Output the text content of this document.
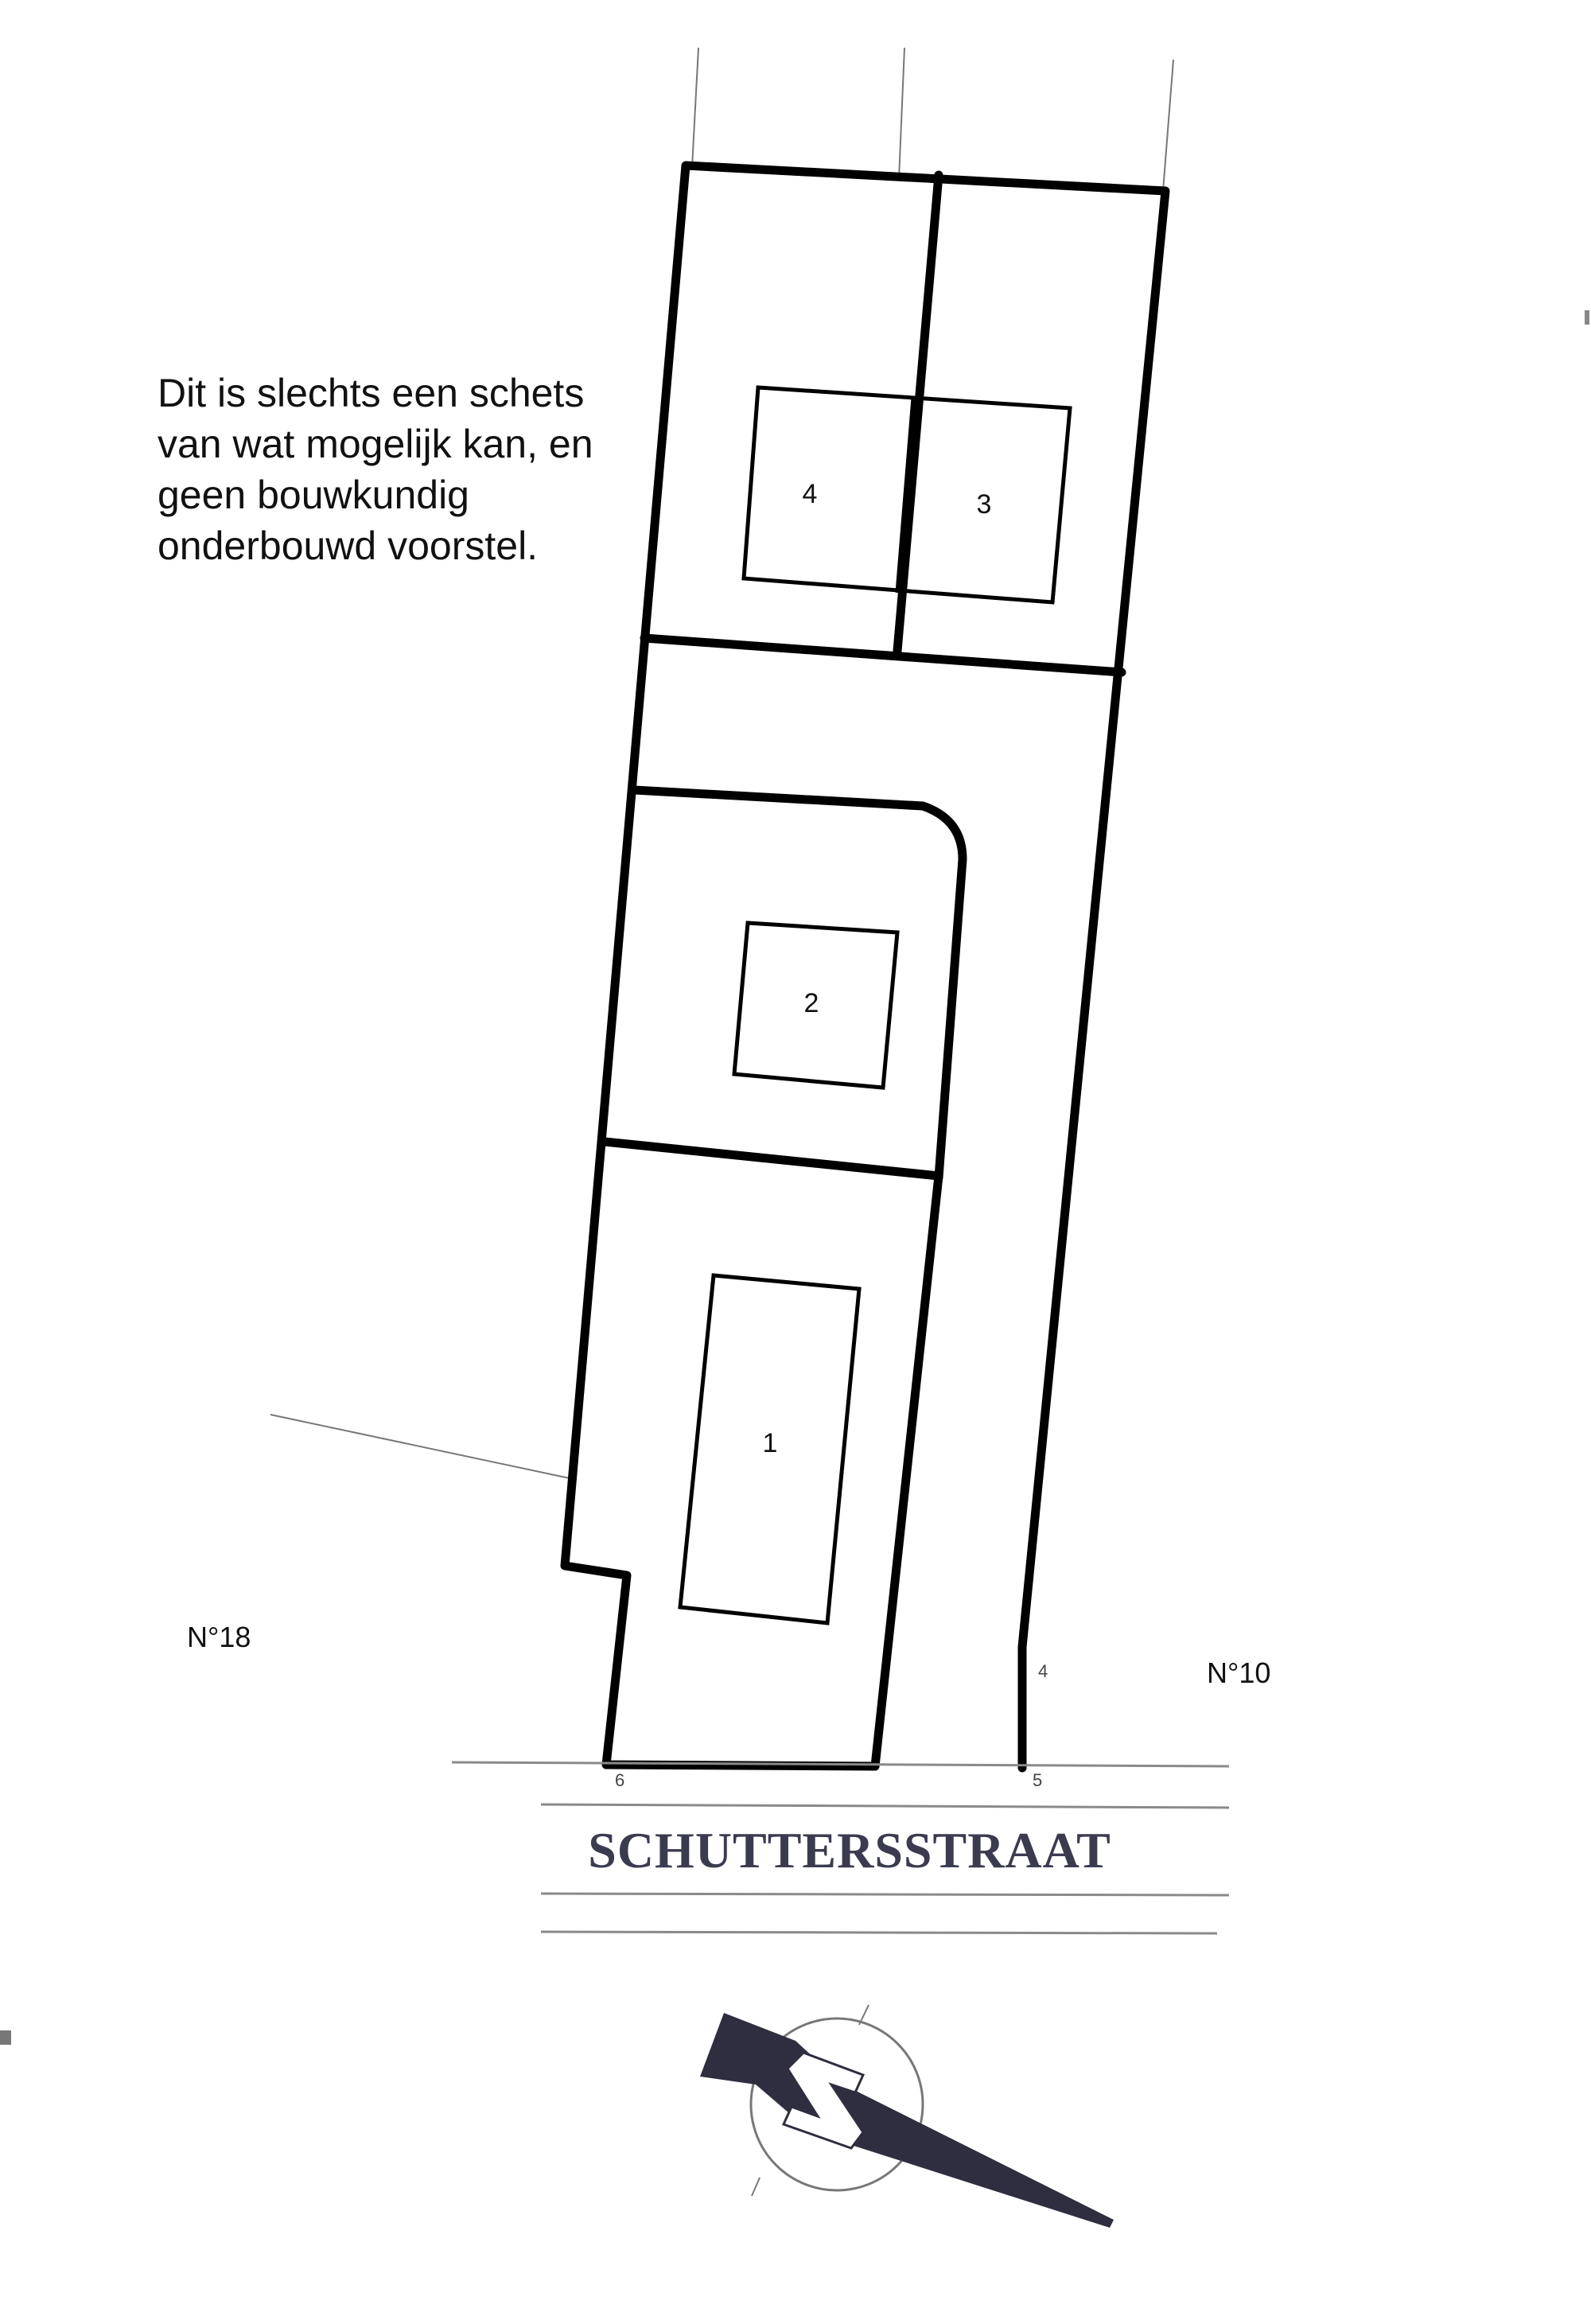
Dit is slechts een schets
van wat mogelijk kan, en
geen bouwkundig
onderbouwd voorstel.
4	3
2
1
N°18
N°10
4
5
6
SCHUTTERSSTRAAT
